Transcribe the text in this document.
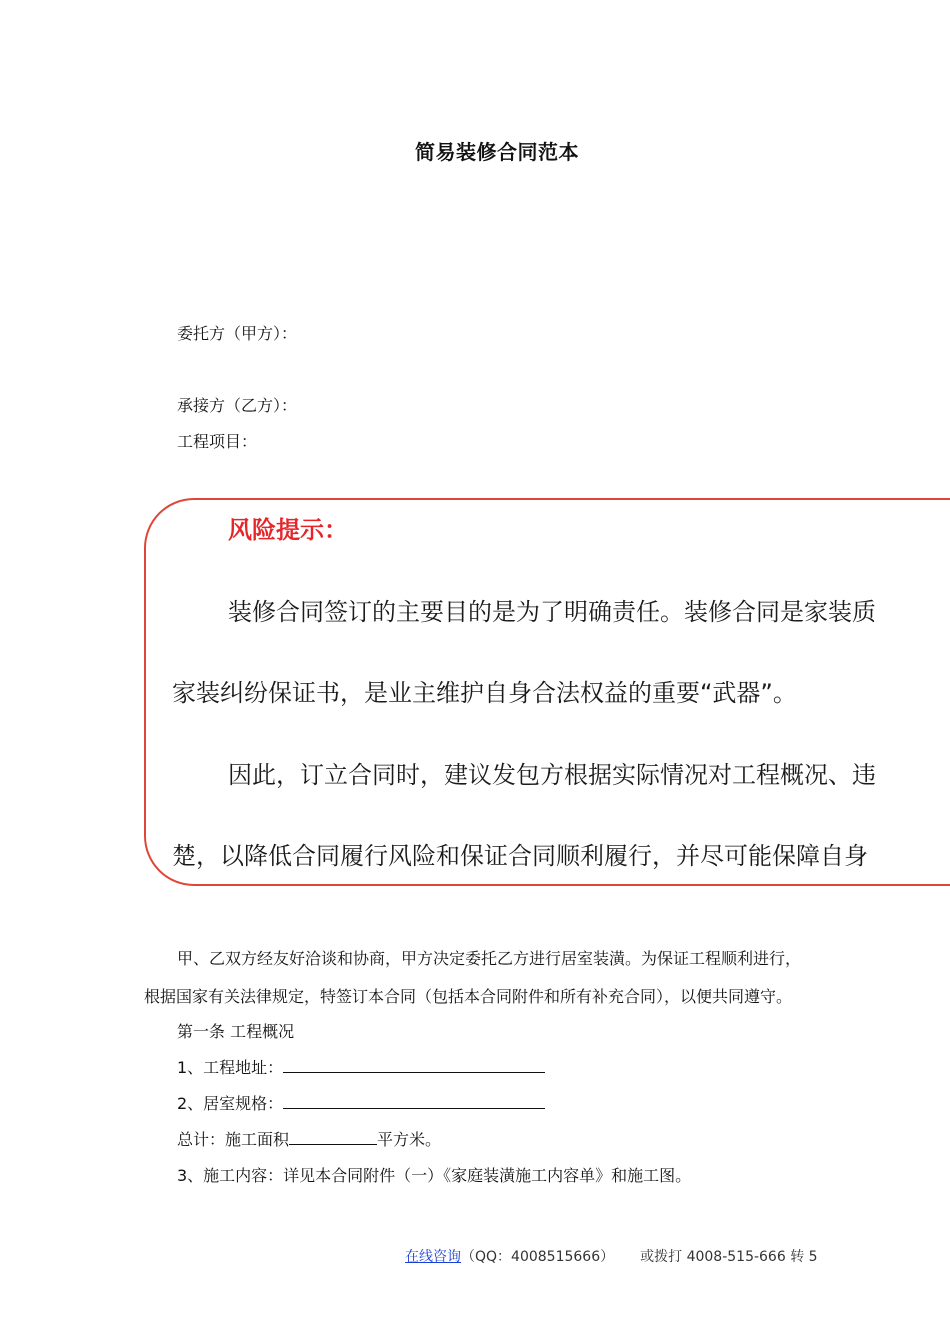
简易装修合同范本
委托方（甲方）：
承接方（乙方）：
工程项目：
风险提示：
装修合同签订的主要目的是为了明确责任。装修合同是家装质
家装纠纷保证书，是业主维护自身合法权益的重要“武器”。
因此，订立合同时，建议发包方根据实际情况对工程概况、违
楚，以降低合同履行风险和保证合同顺利履行，并尽可能保障自身
甲、乙双方经友好洽谈和协商，甲方决定委托乙方进行居室装潢。为保证工程顺利进行，
根据国家有关法律规定，特签订本合同（包括本合同附件和所有补充合同），以便共同遵守。
第一条 工程概况
1、工程地址：
2、居室规格：
总计：施工面积	平方米。
3、施工内容：详见本合同附件（一）《家庭装潢施工内容单》和施工图。
在线咨询（QQ：4008515666） 或拨打 4008-515-666 转 5
